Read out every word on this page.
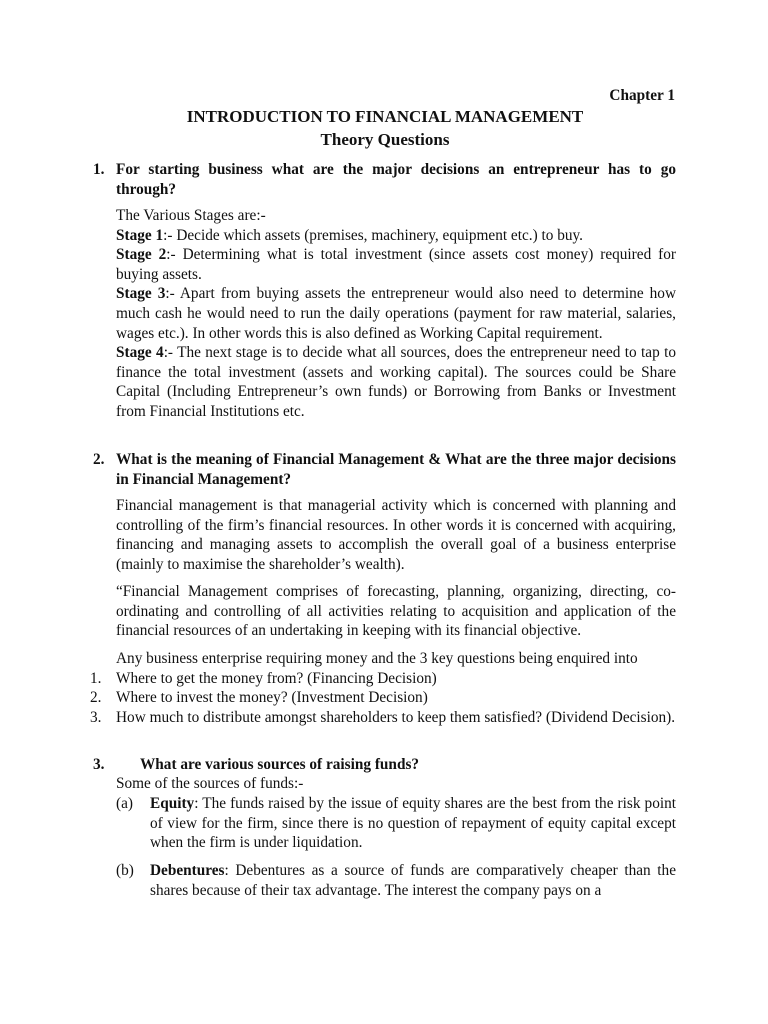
Chapter 1
INTRODUCTION TO FINANCIAL MANAGEMENT
Theory Questions
1. For starting business what are the major decisions an entrepreneur has to go through?
The Various Stages are:-
Stage 1:- Decide which assets (premises, machinery, equipment etc.) to buy.
Stage 2:- Determining what is total investment (since assets cost money) required for buying assets.
Stage 3:- Apart from buying assets the entrepreneur would also need to determine how much cash he would need to run the daily operations (payment for raw material, salaries, wages etc.). In other words this is also defined as Working Capital requirement.
Stage 4:- The next stage is to decide what all sources, does the entrepreneur need to tap to finance the total investment (assets and working capital). The sources could be Share Capital (Including Entrepreneur’s own funds) or Borrowing from Banks or Investment from Financial Institutions etc.
2. What is the meaning of Financial Management & What are the three major decisions in Financial Management?
Financial management is that managerial activity which is concerned with planning and controlling of the firm’s financial resources. In other words it is concerned with acquiring, financing and managing assets to accomplish the overall goal of a business enterprise (mainly to maximise the shareholder’s wealth).
“Financial Management comprises of forecasting, planning, organizing, directing, co-ordinating and controlling of all activities relating to acquisition and application of the financial resources of an undertaking in keeping with its financial objective.
Any business enterprise requiring money and the 3 key questions being enquired into
1. Where to get the money from? (Financing Decision)
2. Where to invest the money? (Investment Decision)
3. How much to distribute amongst shareholders to keep them satisfied? (Dividend Decision).
3. What are various sources of raising funds?
Some of the sources of funds:-
(a) Equity: The funds raised by the issue of equity shares are the best from the risk point of view for the firm, since there is no question of repayment of equity capital except when the firm is under liquidation.
(b) Debentures: Debentures as a source of funds are comparatively cheaper than the shares because of their tax advantage. The interest the company pays on a
